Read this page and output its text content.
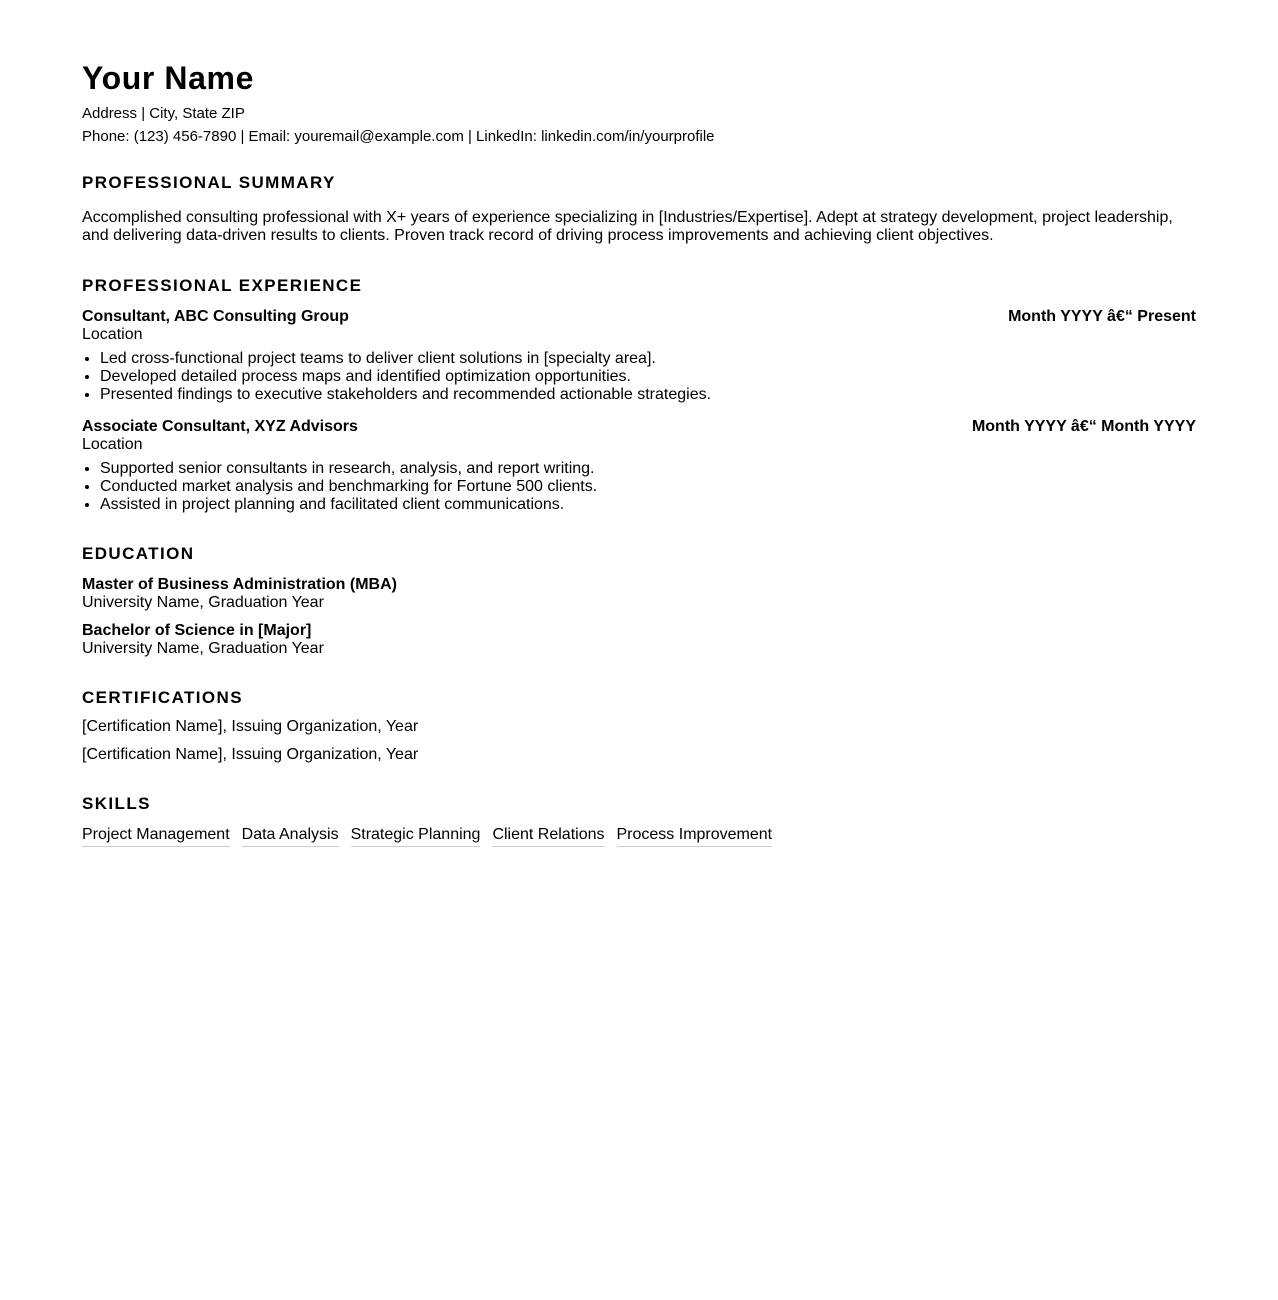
Your Name
Address | City, State ZIP
Phone: (123) 456-7890 | Email: youremail@example.com | LinkedIn: linkedin.com/in/yourprofile
PROFESSIONAL SUMMARY

Accomplished consulting professional with X+ years of experience specializing in [Industries/Expertise]. Adept at strategy development, project leadership, and delivering data-driven results to clients. Proven track record of driving process improvements and achieving client objectives.

PROFESSIONAL EXPERIENCE
Consultant, ABC Consulting Group	Month YYYY â€“ Present
Location
• Led cross-functional project teams to deliver client solutions in [specialty area].
• Developed detailed process maps and identified optimization opportunities.
• Presented findings to executive stakeholders and recommended actionable strategies.
Associate Consultant, XYZ Advisors	Month YYYY â€“ Month YYYY
Location
• Supported senior consultants in research, analysis, and report writing.
• Conducted market analysis and benchmarking for Fortune 500 clients.
• Assisted in project planning and facilitated client communications.
EDUCATION
Master of Business Administration (MBA)
University Name, Graduation Year
Bachelor of Science in [Major]
University Name, Graduation Year
CERTIFICATIONS
[Certification Name], Issuing Organization, Year
[Certification Name], Issuing Organization, Year
SKILLS
Project Management Data Analysis Strategic Planning Client Relations Process Improvement
